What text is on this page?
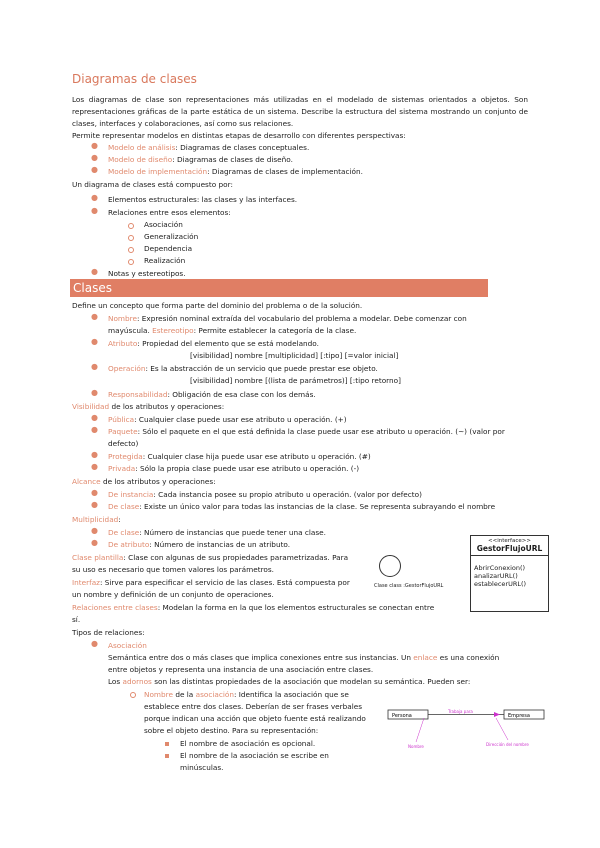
Diagramas de clases
Los diagramas de clase son representaciones más utilizadas en el modelado de sistemas orientados a objetos. Son representaciones gráficas de la parte estática de un sistema. Describe la estructura del sistema mostrando un conjunto de clases, interfaces y colaboraciones, así como sus relaciones.
Permite representar modelos en distintas etapas de desarrollo con diferentes perspectivas:
● Modelo de análisis: Diagramas de clases conceptuales.
● Modelo de diseño: Diagramas de clases de diseño.
● Modelo de implementación: Diagramas de clases de implementación.
Un diagrama de clases está compuesto por:
● Elementos estructurales: las clases y las interfaces.
● Relaciones entre esos elementos:
Asociación
Generalización
Dependencia
Realización
● Notas y estereotipos.
Clases
Define un concepto que forma parte del dominio del problema o de la solución.
● Nombre: Expresión nominal extraída del vocabulario del problema a modelar. Debe comenzar con
mayúscula. Estereotipo: Permite establecer la categoría de la clase.
● Atributo: Propiedad del elemento que se está modelando.
[visibilidad] nombre [multiplicidad] [:tipo] [=valor inicial]
● Operación: Es la abstracción de un servicio que puede prestar ese objeto.
[visibilidad] nombre [(lista de parámetros)] [:tipo retorno]
● Responsabilidad: Obligación de esa clase con los demás.
Visibilidad de los atributos y operaciones:
● Pública: Cualquier clase puede usar ese atributo u operación. (+)
● Paquete: Sólo el paquete en el que está definida la clase puede usar ese atributo u operación. (~) (valor por
defecto)
● Protegida: Cualquier clase hija puede usar ese atributo u operación. (#)
● Privada: Sólo la propia clase puede usar ese atributo u operación. (-)
Alcance de los atributos y operaciones:
● De instancia: Cada instancia posee su propio atributo u operación. (valor por defecto)
● De clase: Existe un único valor para todas las instancias de la clase. Se representa subrayando el nombre
Multiplicidad:
● De clase: Número de instancias que puede tener una clase.
● De atributo: Número de instancias de un atributo.
Clase plantilla: Clase con algunas de sus propiedades parametrizadas. Para
su uso es necesario que tomen valores los parámetros.
Interfaz: Sirve para especificar el servicio de las clases. Está compuesta por
un nombre y definición de un conjunto de operaciones.
Relaciones entre clases: Modelan la forma en la que los elementos estructurales se conectan entre
sí.
Tipos de relaciones:
● Asociación
Semántica entre dos o más clases que implica conexiones entre sus instancias. Un enlace es una conexión
entre objetos y representa una instancia de una asociación entre clases.
Los adornos son las distintas propiedades de la asociación que modelan su semántica. Pueden ser:
Nombre de la asociación: Identifica la asociación que se
establece entre dos clases. Deberían de ser frases verbales
porque indican una acción que objeto fuente está realizando
sobre el objeto destino. Para su representación:
El nombre de asociación es opcional.
El nombre de la asociación se escribe en
minúsculas.
<<interface>>
GestorFlujoURL
AbrirConexion()
analizarURL()
establecerURL()
Clase class :GestorFlujoURL
Persona	Empresa
Trabaja para
Nombre	Dirección del nombre
